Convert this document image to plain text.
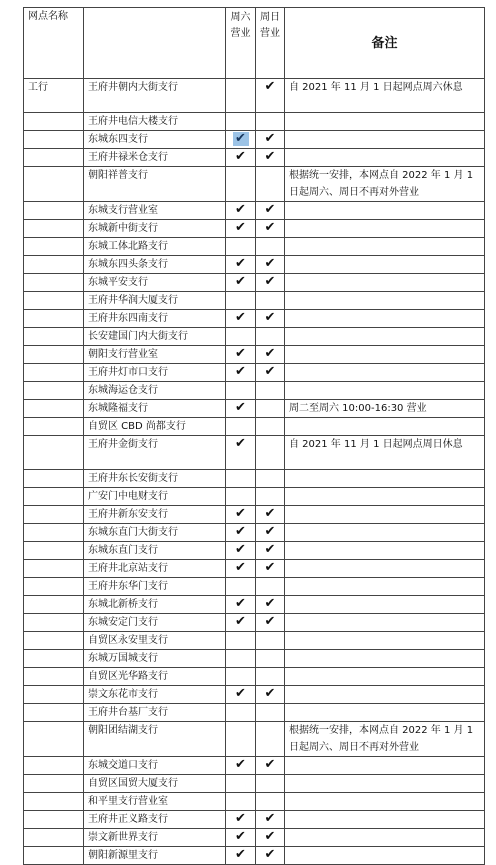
网点名称		周六营业	周日营业	备注
工行	王府井朝内大街支行		✔	自 2021 年 11 月 1 日起网点周六休息
	王府井电信大楼支行			
	东城东四支行	✔	✔	
	王府井禄米仓支行	✔	✔	
	朝阳祥普支行			根据统一安排，本网点自 2022 年 1 月 1 日起周六、周日不再对外营业
	东城支行营业室	✔	✔	
	东城新中街支行	✔	✔	
	东城工体北路支行			
	东城东四头条支行	✔	✔	
	东城平安支行	✔	✔	
	王府井华润大厦支行			
	王府井东四南支行	✔	✔	
	长安建国门内大街支行			
	朝阳支行营业室	✔	✔	
	王府井灯市口支行	✔	✔	
	东城海运仓支行			
	东城隆福支行	✔		周二至周六 10:00-16:30 营业
	自贸区 CBD 尚都支行			
	王府井金街支行	✔		自 2021 年 11 月 1 日起网点周日休息
	王府井东长安街支行			
	广安门中电财支行			
	王府井新东安支行	✔	✔	
	东城东直门大街支行	✔	✔	
	东城东直门支行	✔	✔	
	王府井北京站支行	✔	✔	
	王府井东华门支行			
	东城北新桥支行	✔	✔	
	东城安定门支行	✔	✔	
	自贸区永安里支行			
	东城万国城支行			
	自贸区光华路支行			
	崇文东花市支行	✔	✔	
	王府井台基厂支行			
	朝阳团结湖支行			根据统一安排，本网点自 2022 年 1 月 1 日起周六、周日不再对外营业
	东城交道口支行	✔	✔	
	自贸区国贸大厦支行			
	和平里支行营业室			
	王府井正义路支行	✔	✔	
	崇文新世界支行	✔	✔	
	朝阳新源里支行	✔	✔	
